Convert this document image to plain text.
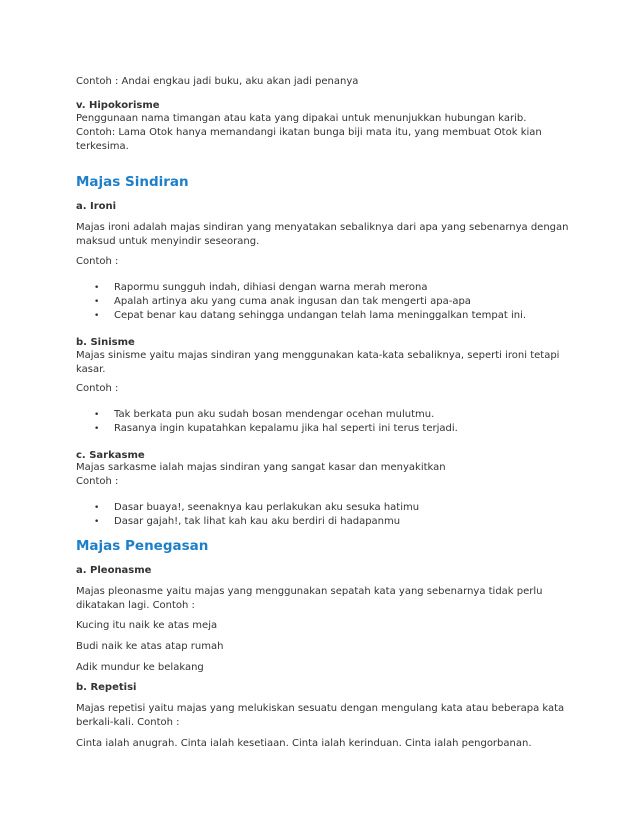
Contoh : Andai engkau jadi buku, aku akan jadi penanya
v. Hipokorisme
Penggunaan nama timangan atau kata yang dipakai untuk menunjukkan hubungan karib.
Contoh: Lama Otok hanya memandangi ikatan bunga biji mata itu, yang membuat Otok kian
terkesima.
Majas Sindiran
a. Ironi
Majas ironi adalah majas sindiran yang menyatakan sebaliknya dari apa yang sebenarnya dengan
maksud untuk menyindir seseorang.
Contoh :
• Rapormu sungguh indah, dihiasi dengan warna merah merona
• Apalah artinya aku yang cuma anak ingusan dan tak mengerti apa-apa
• Cepat benar kau datang sehingga undangan telah lama meninggalkan tempat ini.
b. Sinisme
Majas sinisme yaitu majas sindiran yang menggunakan kata-kata sebaliknya, seperti ironi tetapi
kasar.
Contoh :
• Tak berkata pun aku sudah bosan mendengar ocehan mulutmu.
• Rasanya ingin kupatahkan kepalamu jika hal seperti ini terus terjadi.
c. Sarkasme
Majas sarkasme ialah majas sindiran yang sangat kasar dan menyakitkan
Contoh :
• Dasar buaya!, seenaknya kau perlakukan aku sesuka hatimu
• Dasar gajah!, tak lihat kah kau aku berdiri di hadapanmu
Majas Penegasan
a. Pleonasme
Majas pleonasme yaitu majas yang menggunakan sepatah kata yang sebenarnya tidak perlu
dikatakan lagi. Contoh :
Kucing itu naik ke atas meja
Budi naik ke atas atap rumah
Adik mundur ke belakang
b. Repetisi
Majas repetisi yaitu majas yang melukiskan sesuatu dengan mengulang kata atau beberapa kata
berkali-kali. Contoh :
Cinta ialah anugrah. Cinta ialah kesetiaan. Cinta ialah kerinduan. Cinta ialah pengorbanan.
